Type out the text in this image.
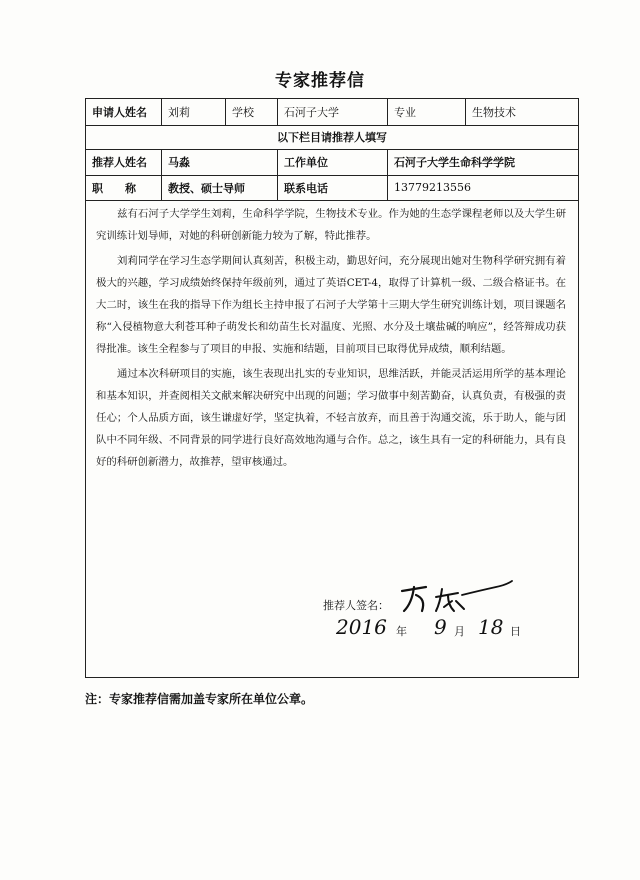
专家推荐信
申请人姓名	刘莉	学校	石河子大学	专业	生物技术
以下栏目请推荐人填写
推荐人姓名	马淼	工作单位	石河子大学生命科学学院
职　　称	教授、硕士导师	联系电话	13779213556

兹有石河子大学学生刘莉，生命科学学院，生物技术专业。作为她的生态学课程老师以及大学生研究训练计划导师，对她的科研创新能力较为了解，特此推荐。

刘莉同学在学习生态学期间认真刻苦，积极主动，勤思好问，充分展现出她对生物科学研究拥有着极大的兴趣，学习成绩始终保持年级前列，通过了英语CET-4，取得了计算机一级、二级合格证书。在大二时，该生在我的指导下作为组长主持申报了石河子大学第十三期大学生研究训练计划，项目课题名称“入侵植物意大利苍耳种子萌发长和幼苗生长对温度、光照、水分及土壤盐碱的响应”，经答辩成功获得批准。该生全程参与了项目的申报、实施和结题，目前项目已取得优异成绩，顺利结题。

通过本次科研项目的实施，该生表现出扎实的专业知识，思维活跃，并能灵活运用所学的基本理论和基本知识，并查阅相关文献来解决研究中出现的问题；学习做事中刻苦勤奋，认真负责，有极强的责任心；个人品质方面，该生谦虚好学，坚定执着，不轻言放弃，而且善于沟通交流，乐于助人，能与团队中不同年级、不同背景的同学进行良好高效地沟通与合作。总之，该生具有一定的科研能力，具有良好的科研创新潜力，故推荐，望审核通过。

推荐人签名：
2016 年 9 月 18 日
注：专家推荐信需加盖专家所在单位公章。
